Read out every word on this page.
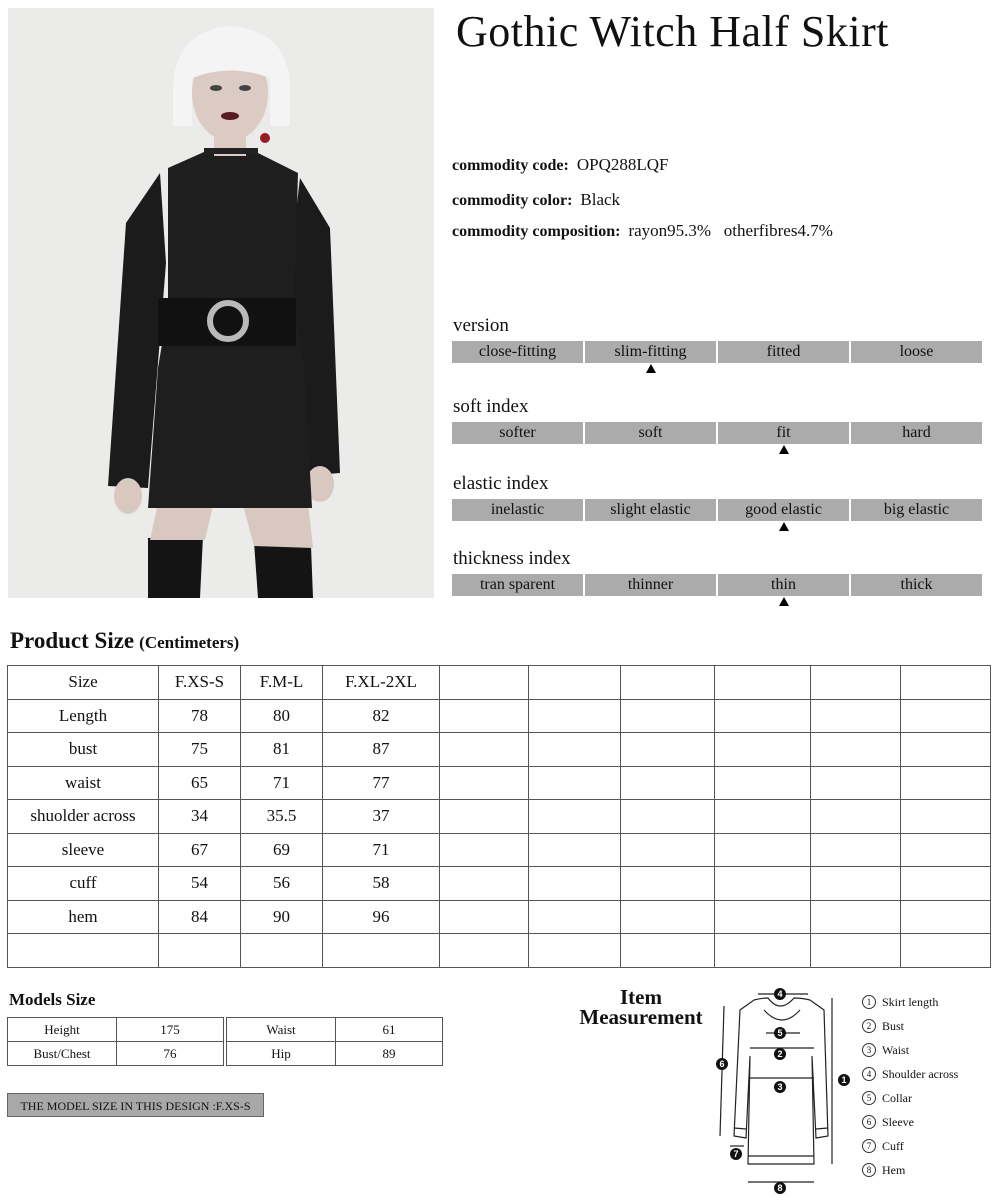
Gothic Witch Half Skirt
commodity code: OPQ288LQF
commodity color: Black
commodity composition: rayon95.3%   otherfibres4.7%
version
close-fitting	slim-fitting	fitted	loose
soft index
softer	soft	fit	hard
elastic index
inelastic	slight elastic	good elastic	big elastic
thickness index
tran sparent	thinner	thin	thick
Product Size (Centimeters)
Size	F.XS-S	F.M-L	F.XL-2XL						
Length	78	80	82						
bust	75	81	87						
waist	65	71	77						
shuolder across	34	35.5	37						
sleeve	67	69	71						
cuff	54	56	58						
hem	84	90	96						

Models Size
Height	175
Bust/Chest	76
Waist	61
Hip	89
THE MODEL SIZE IN THIS DESIGN :F.XS-S
Item
Measurement
4
5
2
3
1
6
7
8
1 Skirt length
2 Bust
3 Waist
4 Shoulder across
5 Collar
6 Sleeve
7 Cuff
8 Hem
